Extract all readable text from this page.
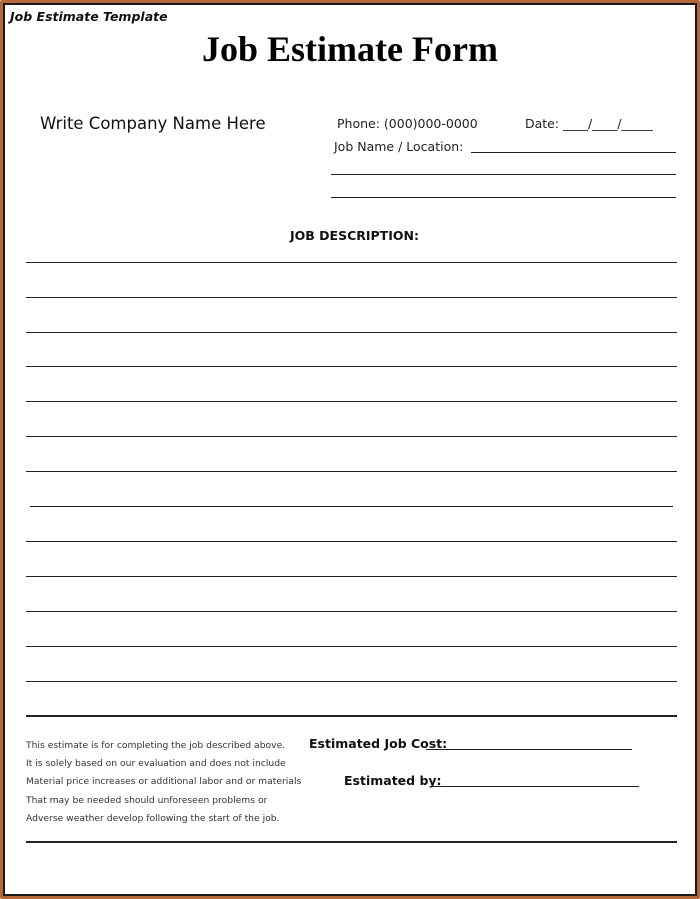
Job Estimate Template
Job Estimate Form
Write Company Name Here	Phone: (000)000-0000	Date: ____/____/_____
Job Name / Location:
JOB DESCRIPTION:
This estimate is for completing the job described above.
It is solely based on our evaluation and does not include
Material price increases or additional labor and or materials
That may be needed should unforeseen problems or
Adverse weather develop following the start of the job.
Estimated Job Cost:
Estimated by:
